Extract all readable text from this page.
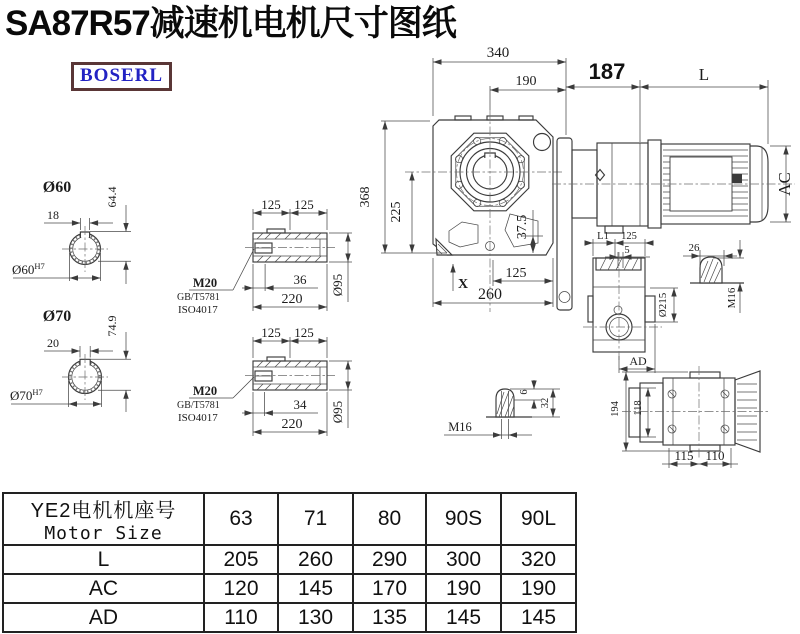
SA87R57减速机电机尺寸图纸
BOSERL
Ø60
18
64.4
$Ø60^{H7}$
Ø70
20
74.9
$Ø70^{H7}$
125 125
36
220
Ø95
M20
GB/T5781
ISO4017
125 125
34
220
Ø95
M20
GB/T5781
ISO4017
340
190
368
225
37.5
125
260
X
187	L
AC
L1 125
5
Ø215
AD
26
M16
6
32
M16
194 118
115 110
YE2电机机座号
Motor Size	63	71	80	90S	90L
L	205	260	290	300	320
AC	120	145	170	190	190
AD	110	130	135	145	145
